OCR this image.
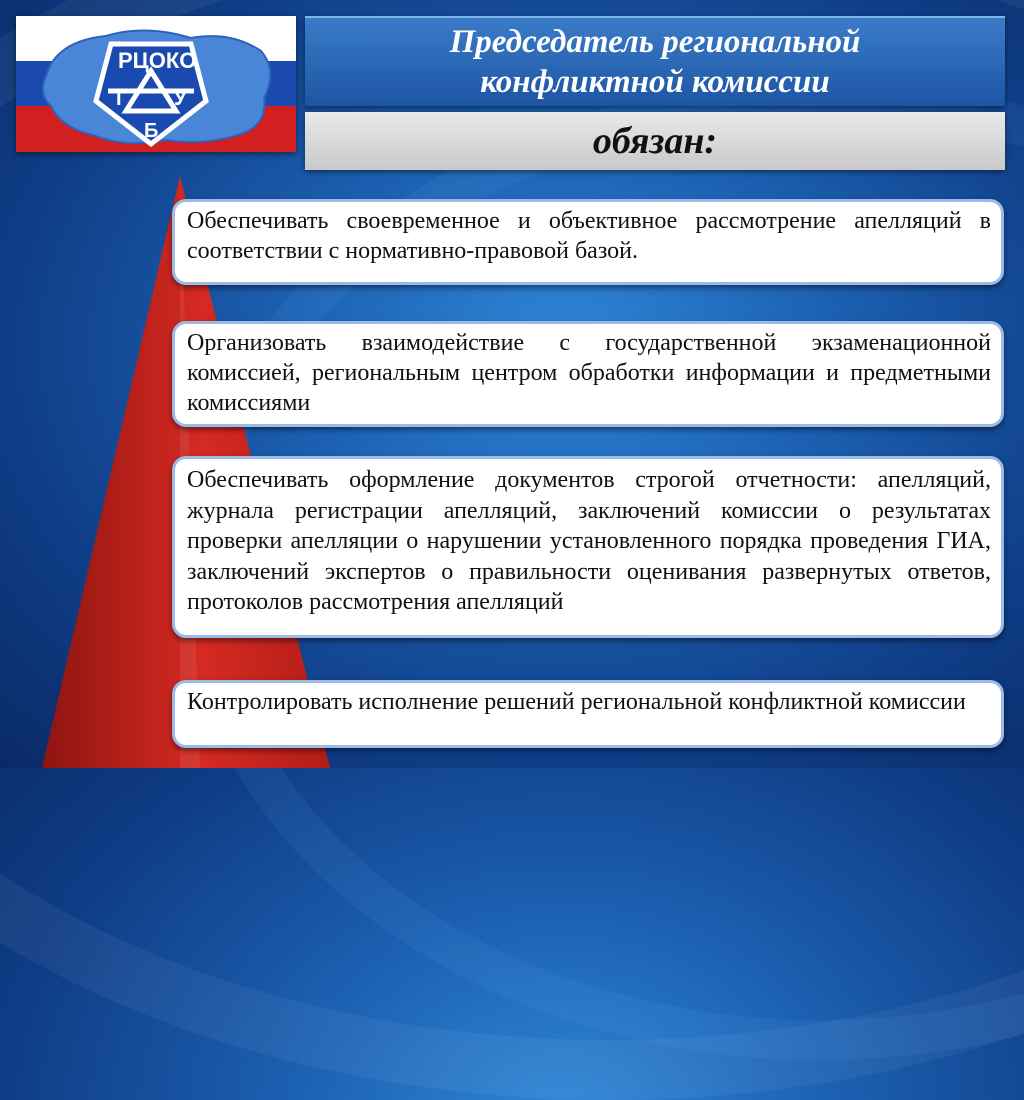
РЦОКО
Г У
Б
Председатель региональной
конфликтной комиссии
обязан:

Обеспечивать своевременное и объективное рассмотрение апелляций в соответствии с нормативно-правовой базой.

Организовать взаимодействие с государственной экзаменационной комиссией, региональным центром обработки информации и предметными комиссиями

Обеспечивать оформление документов строгой отчетности: апелляций, журнала регистрации апелляций, заключений комиссии о результатах проверки апелляции о нарушении установленного порядка проведения ГИА, заключений экспертов о правильности оценивания развернутых ответов, протоколов рассмотрения апелляций

Контролировать исполнение решений региональной конфликтной комиссии
